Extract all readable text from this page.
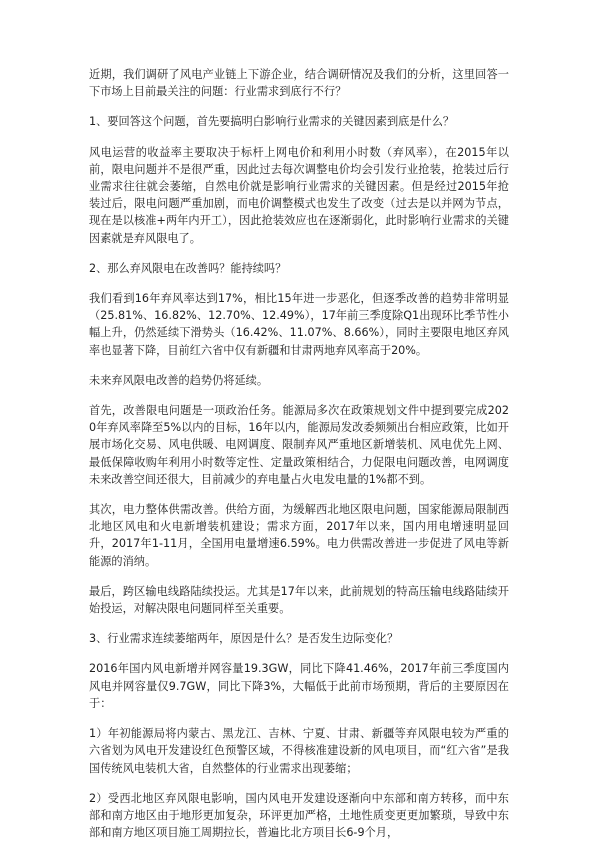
近期，我们调研了风电产业链上下游企业，结合调研情况及我们的分析，这里回答一下市场上目前最关注的问题：行业需求到底行不行？

1、要回答这个问题，首先要搞明白影响行业需求的关键因素到底是什么？

风电运营的收益率主要取决于标杆上网电价和利用小时数（弃风率），在2015年以前，限电问题并不是很严重，因此过去每次调整电价均会引发行业抢装，抢装过后行业需求往往就会萎缩，自然电价就是影响行业需求的关键因素。但是经过2015年抢装过后，限电问题严重加剧，而电价调整模式也发生了改变（过去是以并网为节点，现在是以核准+两年内开工），因此抢装效应也在逐渐弱化，此时影响行业需求的关键因素就是弃风限电了。

2、那么弃风限电在改善吗？能持续吗？

我们看到16年弃风率达到17%，相比15年进一步恶化，但逐季改善的趋势非常明显（25.81%、16.82%、12.70%、12.49%），17年前三季度除Q1出现环比季节性小幅上升，仍然延续下滑势头（16.42%、11.07%、8.66%），同时主要限电地区弃风率也显著下降，目前红六省中仅有新疆和甘肃两地弃风率高于20%。

未来弃风限电改善的趋势仍将延续。

首先，改善限电问题是一项政治任务。能源局多次在政策规划文件中提到要完成2020年弃风率降至5%以内的目标，16年以内，能源局发改委频频出台相应政策，比如开展市场化交易、风电供暖、电网调度、限制弃风严重地区新增装机、风电优先上网、最低保障收购年利用小时数等定性、定量政策相结合，力促限电问题改善，电网调度未来改善空间还很大，目前减少的弃电量占火电发电量的1%都不到。

其次，电力整体供需改善。供给方面，为缓解西北地区限电问题，国家能源局限制西北地区风电和火电新增装机建设；需求方面，2017年以来，国内用电增速明显回升，2017年1-11月，全国用电量增速6.59%。电力供需改善进一步促进了风电等新能源的消纳。

最后，跨区输电线路陆续投运。尤其是17年以来，此前规划的特高压输电线路陆续开始投运，对解决限电问题同样至关重要。

3、行业需求连续萎缩两年，原因是什么？是否发生边际变化？

2016年国内风电新增并网容量19.3GW，同比下降41.46%，2017年前三季度国内风电并网容量仅9.7GW，同比下降3%，大幅低于此前市场预期，背后的主要原因在于：

1）年初能源局将内蒙古、黑龙江、吉林、宁夏、甘肃、新疆等弃风限电较为严重的六省划为风电开发建设红色预警区域，不得核准建设新的风电项目，而“红六省”是我国传统风电装机大省，自然整体的行业需求出现萎缩；

2）受西北地区弃风限电影响，国内风电开发建设逐渐向中东部和南方转移，而中东部和南方地区由于地形更加复杂，环评更加严格，土地性质变更更加繁琐，导致中东部和南方地区项目施工周期拉长，普遍比北方项目长6-9个月，
